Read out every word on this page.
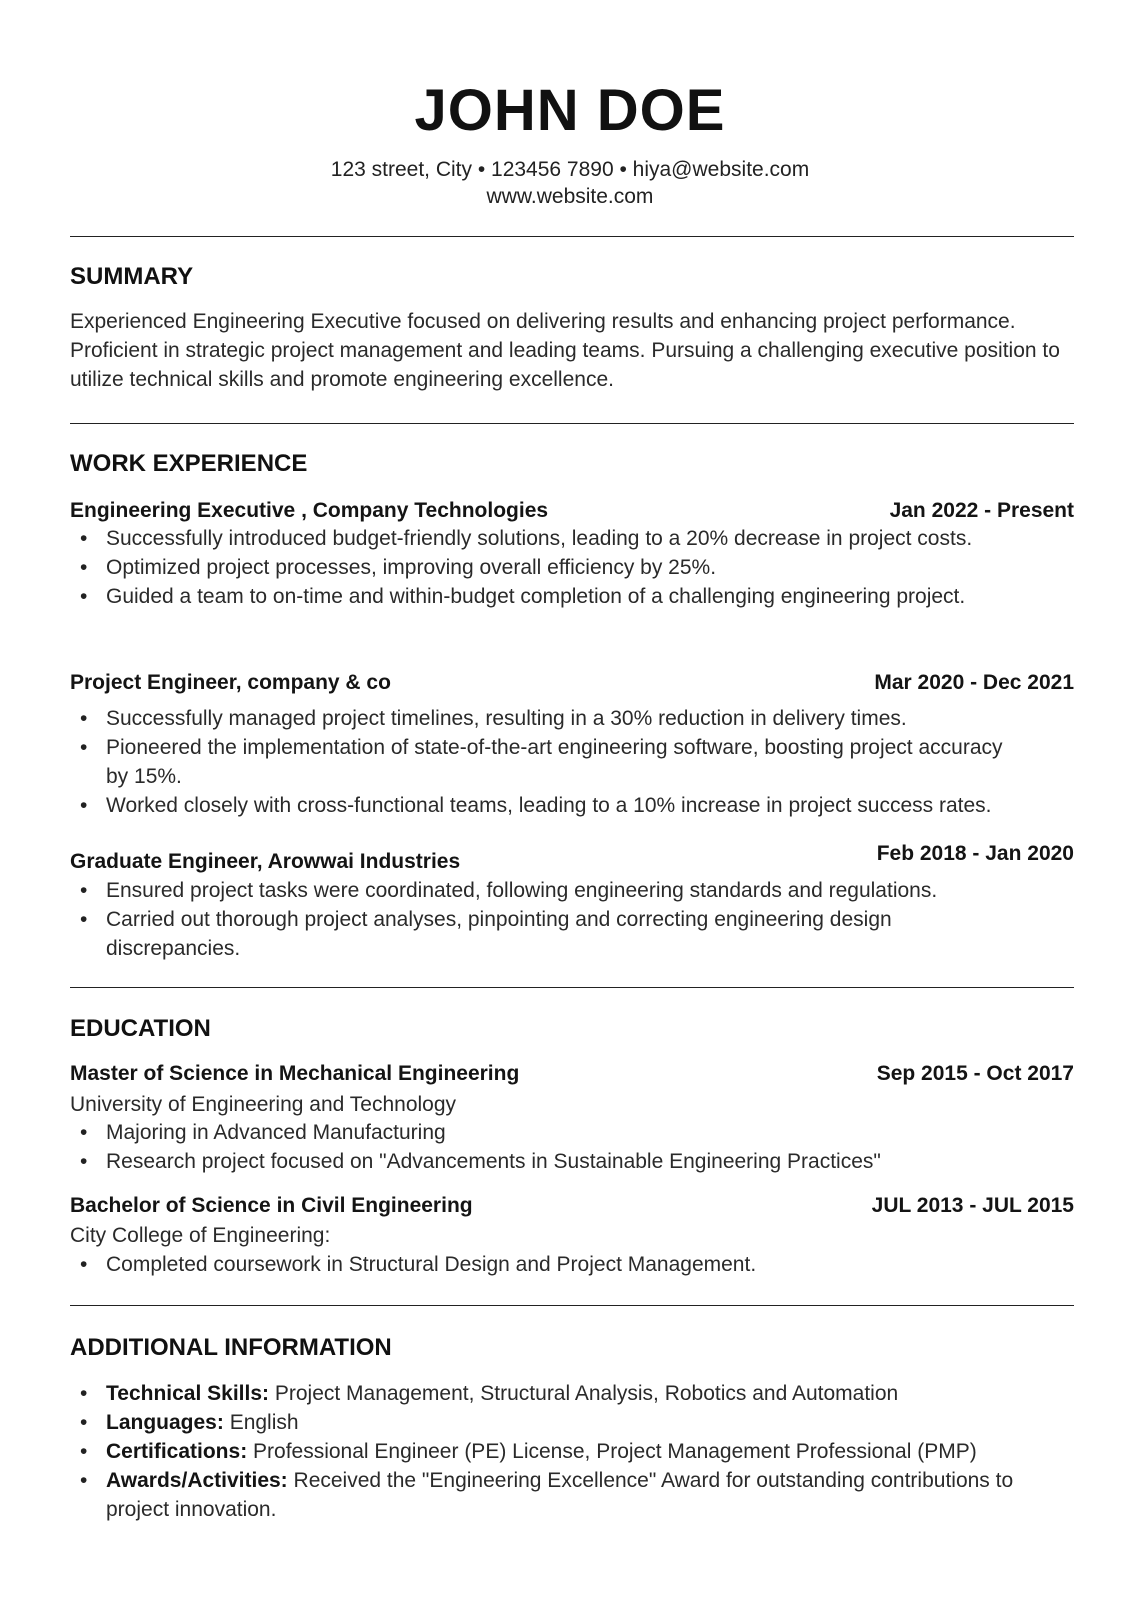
JOHN DOE
123 street, City • 123456 7890 • hiya@website.com
www.website.com
SUMMARY
Experienced Engineering Executive focused on delivering results and enhancing project performance. Proficient in strategic project management and leading teams. Pursuing a challenging executive position to utilize technical skills and promote engineering excellence.
WORK EXPERIENCE
Engineering Executive , Company Technologies	Jan 2022 - Present
• Successfully introduced budget-friendly solutions, leading to a 20% decrease in project costs.
• Optimized project processes, improving overall efficiency by 25%.
• Guided a team to on-time and within-budget completion of a challenging engineering project.
Project Engineer, company & co	Mar 2020 - Dec 2021
• Successfully managed project timelines, resulting in a 30% reduction in delivery times.
• Pioneered the implementation of state-of-the-art engineering software, boosting project accuracy by 15%.
• Worked closely with cross-functional teams, leading to a 10% increase in project success rates.
Graduate Engineer, Arowwai Industries	Feb 2018 - Jan 2020
• Ensured project tasks were coordinated, following engineering standards and regulations.
• Carried out thorough project analyses, pinpointing and correcting engineering design discrepancies.
EDUCATION
Master of Science in Mechanical Engineering	Sep 2015 - Oct 2017
University of Engineering and Technology
• Majoring in Advanced Manufacturing
• Research project focused on "Advancements in Sustainable Engineering Practices"
Bachelor of Science in Civil Engineering	JUL 2013 - JUL 2015
City College of Engineering:
• Completed coursework in Structural Design and Project Management.
ADDITIONAL INFORMATION
• Technical Skills: Project Management, Structural Analysis, Robotics and Automation
• Languages: English
• Certifications: Professional Engineer (PE) License, Project Management Professional (PMP)
• Awards/Activities: Received the "Engineering Excellence" Award for outstanding contributions to project innovation.
